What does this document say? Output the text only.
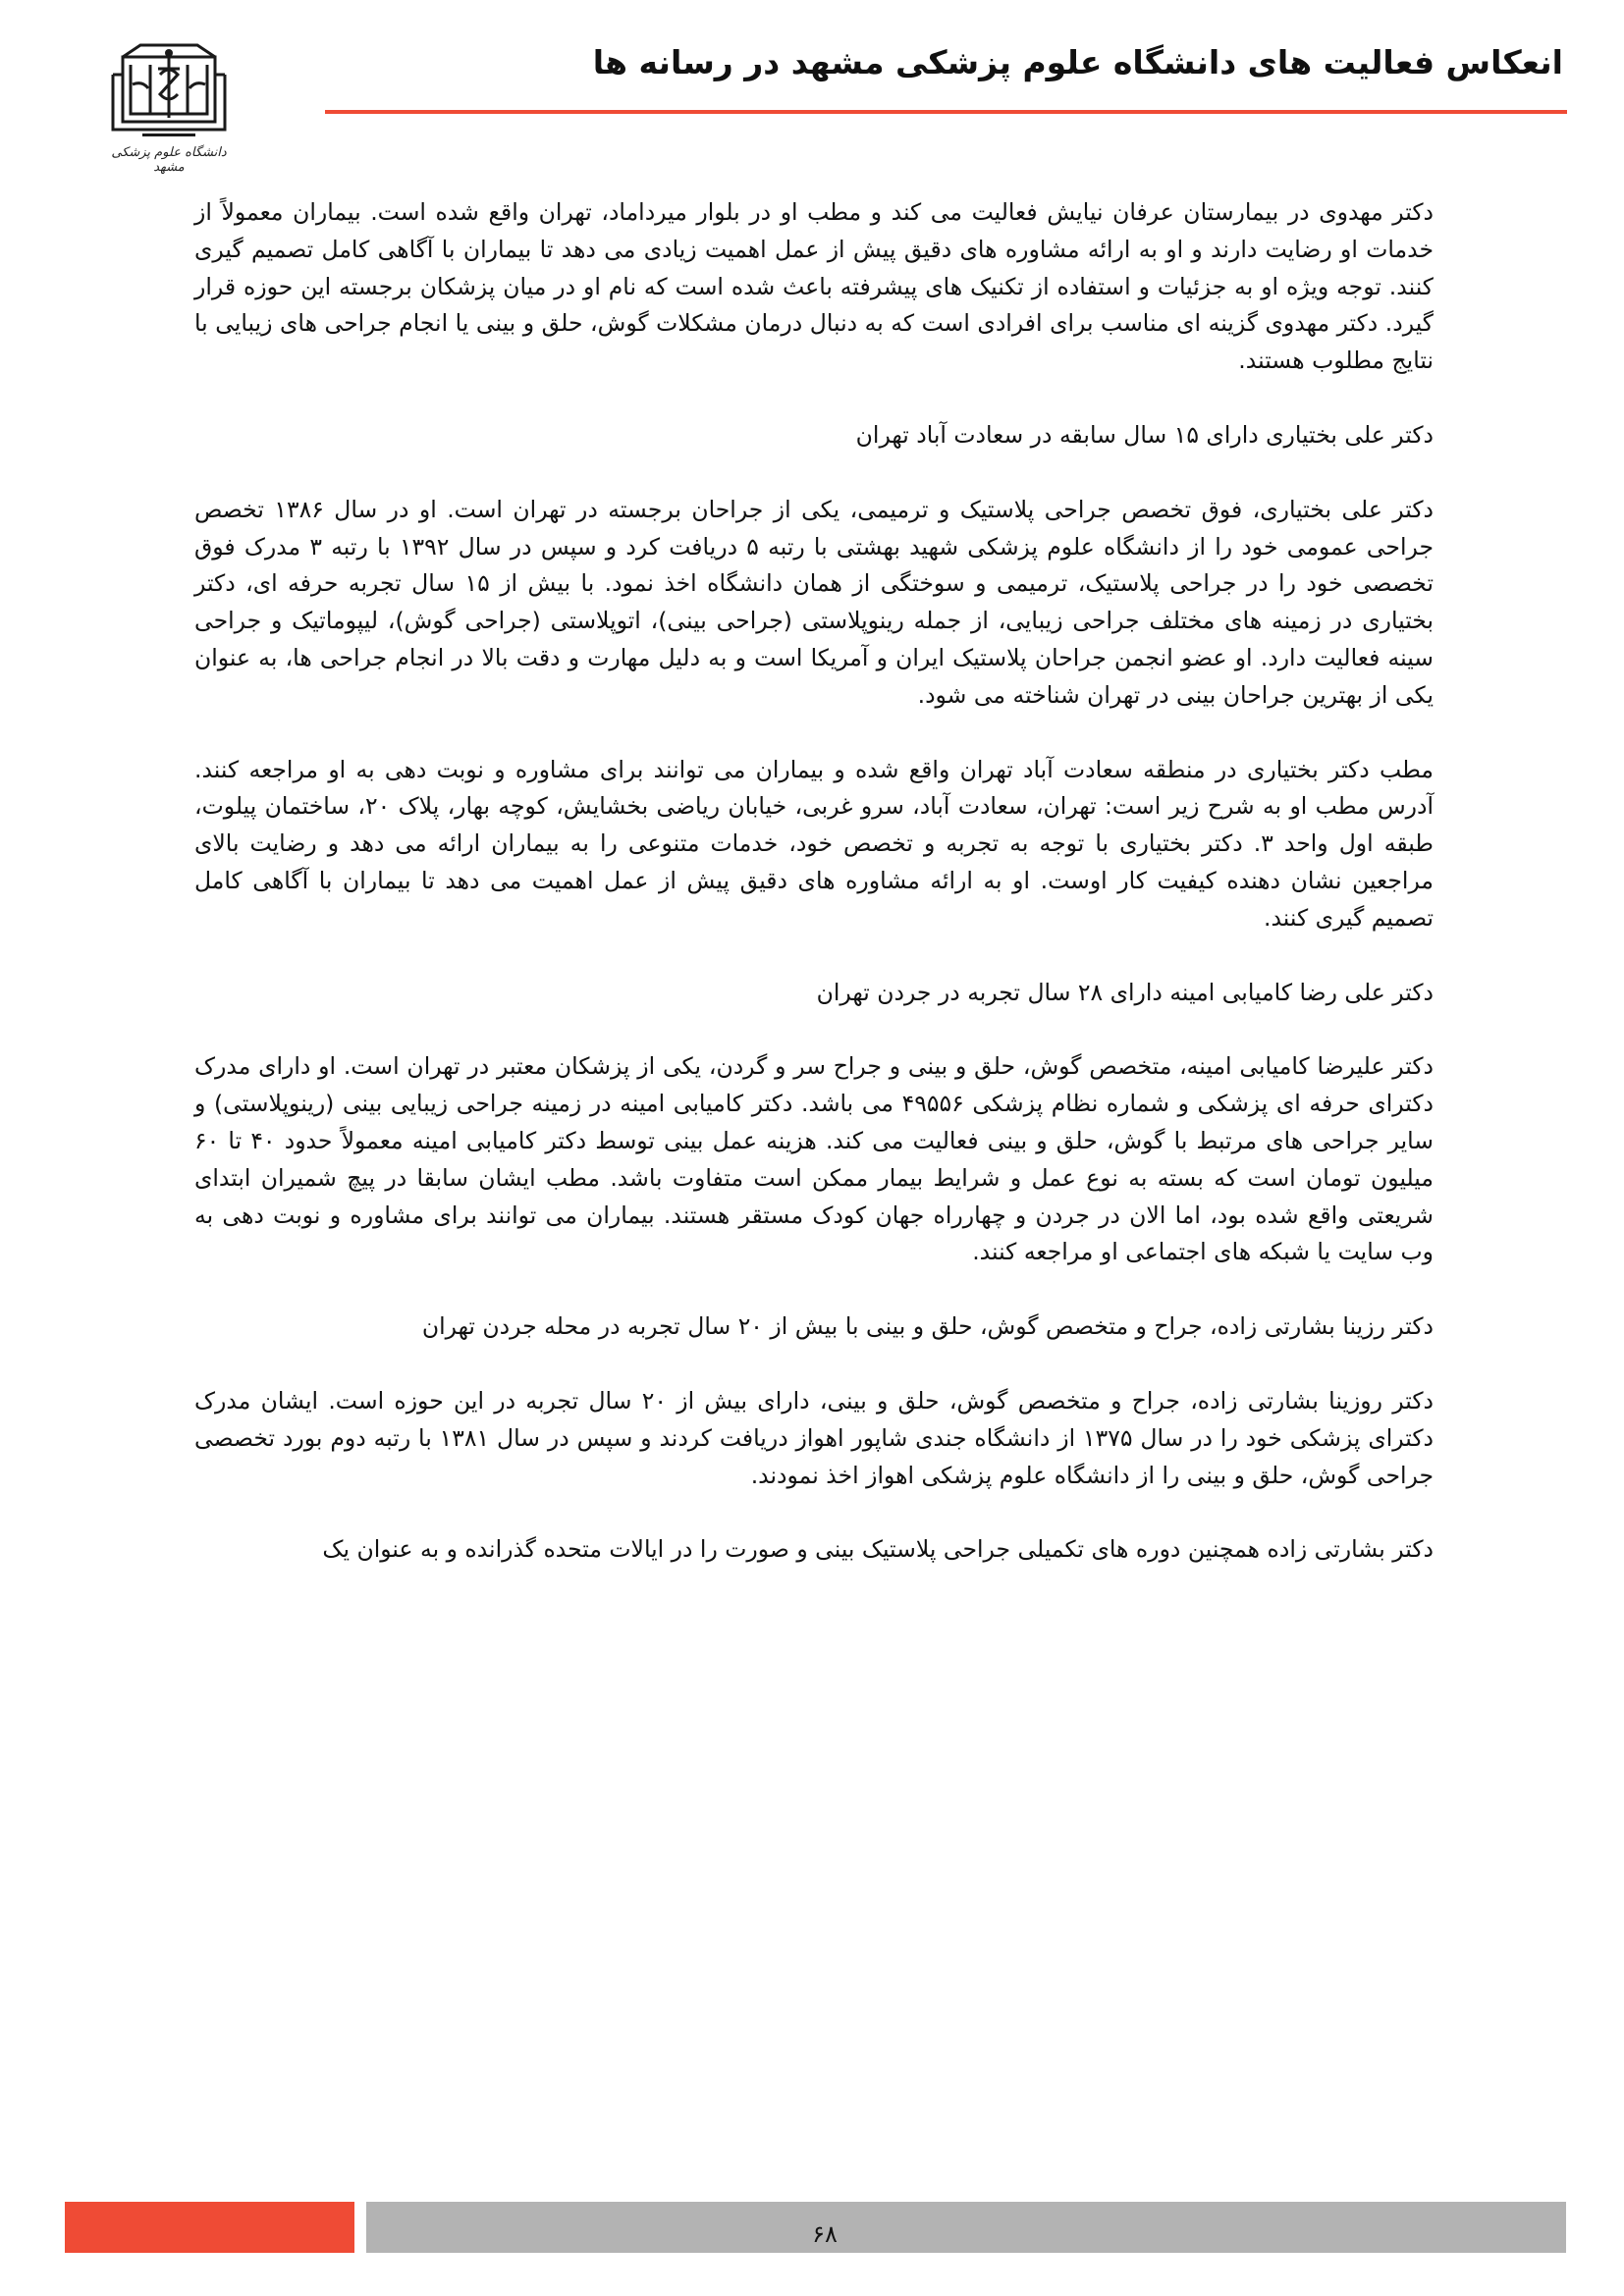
انعکاس فعالیت های دانشگاه علوم پزشکی مشهد در رسانه ها
دانشگاه علوم پزشکی مشهد

دکتر مهدوی در بیمارستان عرفان نیایش فعالیت می کند و مطب او در بلوار میرداماد، تهران واقع شده است. بیماران معمولاً از خدمات او رضایت دارند و او به ارائه مشاوره های دقیق پیش از عمل اهمیت زیادی می دهد تا بیماران با آگاهی کامل تصمیم گیری کنند. توجه ویژه او به جزئیات و استفاده از تکنیک های پیشرفته باعث شده است که نام او در میان پزشکان برجسته این حوزه قرار گیرد. دکتر مهدوی گزینه ای مناسب برای افرادی است که به دنبال درمان مشکلات گوش، حلق و بینی یا انجام جراحی های زیبایی با نتایج مطلوب هستند.

دکتر علی بختیاری دارای ۱۵ سال سابقه در سعادت آباد تهران

دکتر علی بختیاری، فوق تخصص جراحی پلاستیک و ترمیمی، یکی از جراحان برجسته در تهران است. او در سال ۱۳۸۶ تخصص جراحی عمومی خود را از دانشگاه علوم پزشکی شهید بهشتی با رتبه ۵ دریافت کرد و سپس در سال ۱۳۹۲ با رتبه ۳ مدرک فوق تخصصی خود را در جراحی پلاستیک، ترمیمی و سوختگی از همان دانشگاه اخذ نمود. با بیش از ۱۵ سال تجربه حرفه ای، دکتر بختیاری در زمینه های مختلف جراحی زیبایی، از جمله رینوپلاستی (جراحی بینی)، اتوپلاستی (جراحی گوش)، لیپوماتیک و جراحی سینه فعالیت دارد. او عضو انجمن جراحان پلاستیک ایران و آمریکا است و به دلیل مهارت و دقت بالا در انجام جراحی ها، به عنوان یکی از بهترین جراحان بینی در تهران شناخته می شود.

مطب دکتر بختیاری در منطقه سعادت آباد تهران واقع شده و بیماران می توانند برای مشاوره و نوبت دهی به او مراجعه کنند. آدرس مطب او به شرح زیر است: تهران، سعادت آباد، سرو غربی، خیابان ریاضی بخشایش، کوچه بهار، پلاک ۲۰، ساختمان پیلوت، طبقه اول واحد ۳. دکتر بختیاری با توجه به تجربه و تخصص خود، خدمات متنوعی را به بیماران ارائه می دهد و رضایت بالای مراجعین نشان دهنده کیفیت کار اوست. او به ارائه مشاوره های دقیق پیش از عمل اهمیت می دهد تا بیماران با آگاهی کامل تصمیم گیری کنند.

دکتر علی رضا کامیابی امینه دارای ۲۸ سال تجربه در جردن تهران

دکتر علیرضا کامیابی امینه، متخصص گوش، حلق و بینی و جراح سر و گردن، یکی از پزشکان معتبر در تهران است. او دارای مدرک دکترای حرفه ای پزشکی و شماره نظام پزشکی ۴۹۵۵۶ می باشد. دکتر کامیابی امینه در زمینه جراحی زیبایی بینی (رینوپلاستی) و سایر جراحی های مرتبط با گوش، حلق و بینی فعالیت می کند. هزینه عمل بینی توسط دکتر کامیابی امینه معمولاً حدود ۴۰ تا ۶۰ میلیون تومان است که بسته به نوع عمل و شرایط بیمار ممکن است متفاوت باشد. مطب ایشان سابقا در پیچ شمیران ابتدای شریعتی واقع شده بود، اما الان در جردن و چهارراه جهان کودک مستقر هستند. بیماران می توانند برای مشاوره و نوبت دهی به وب سایت یا شبکه های اجتماعی او مراجعه کنند.

دکتر رزینا بشارتی زاده، جراح و متخصص گوش، حلق و بینی با بیش از ۲۰ سال تجربه در محله جردن تهران

دکتر روزینا بشارتی زاده، جراح و متخصص گوش، حلق و بینی، دارای بیش از ۲۰ سال تجربه در این حوزه است. ایشان مدرک دکترای پزشکی خود را در سال ۱۳۷۵ از دانشگاه جندی شاپور اهواز دریافت کردند و سپس در سال ۱۳۸۱ با رتبه دوم بورد تخصصی جراحی گوش، حلق و بینی را از دانشگاه علوم پزشکی اهواز اخذ نمودند.

دکتر بشارتی زاده همچنین دوره های تکمیلی جراحی پلاستیک بینی و صورت را در ایالات متحده گذرانده و به عنوان یک

۶۸
